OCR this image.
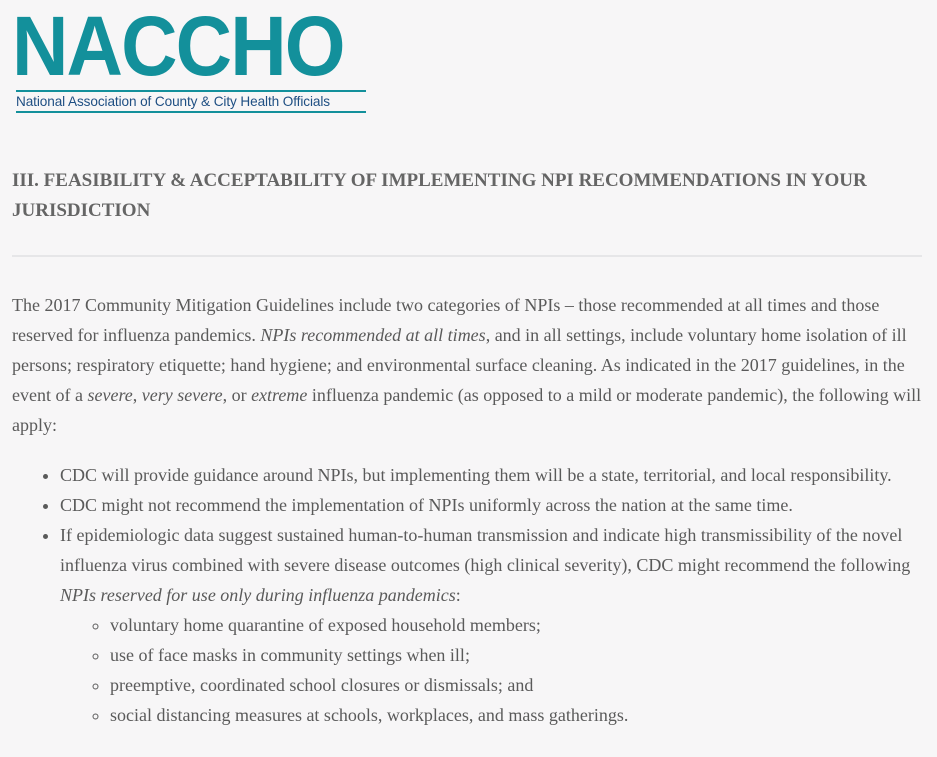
NACCHO
National Association of County & City Health Officials
III. FEASIBILITY & ACCEPTABILITY OF IMPLEMENTING NPI RECOMMENDATIONS IN YOUR JURISDICTION

The 2017 Community Mitigation Guidelines include two categories of NPIs – those recommended at all times and those reserved for influenza pandemics. NPIs recommended at all times, and in all settings, include voluntary home isolation of ill persons; respiratory etiquette; hand hygiene; and environmental surface cleaning. As indicated in the 2017 guidelines, in the event of a severe, very severe, or extreme influenza pandemic (as opposed to a mild or moderate pandemic), the following will apply:

• CDC will provide guidance around NPIs, but implementing them will be a state, territorial, and local responsibility.
• CDC might not recommend the implementation of NPIs uniformly across the nation at the same time.
• If epidemiologic data suggest sustained human-to-human transmission and indicate high transmissibility of the novel influenza virus combined with severe disease outcomes (high clinical severity), CDC might recommend the following NPIs reserved for use only during influenza pandemics:
◦ voluntary home quarantine of exposed household members;
◦ use of face masks in community settings when ill;
◦ preemptive, coordinated school closures or dismissals; and
◦ social distancing measures at schools, workplaces, and mass gatherings.
